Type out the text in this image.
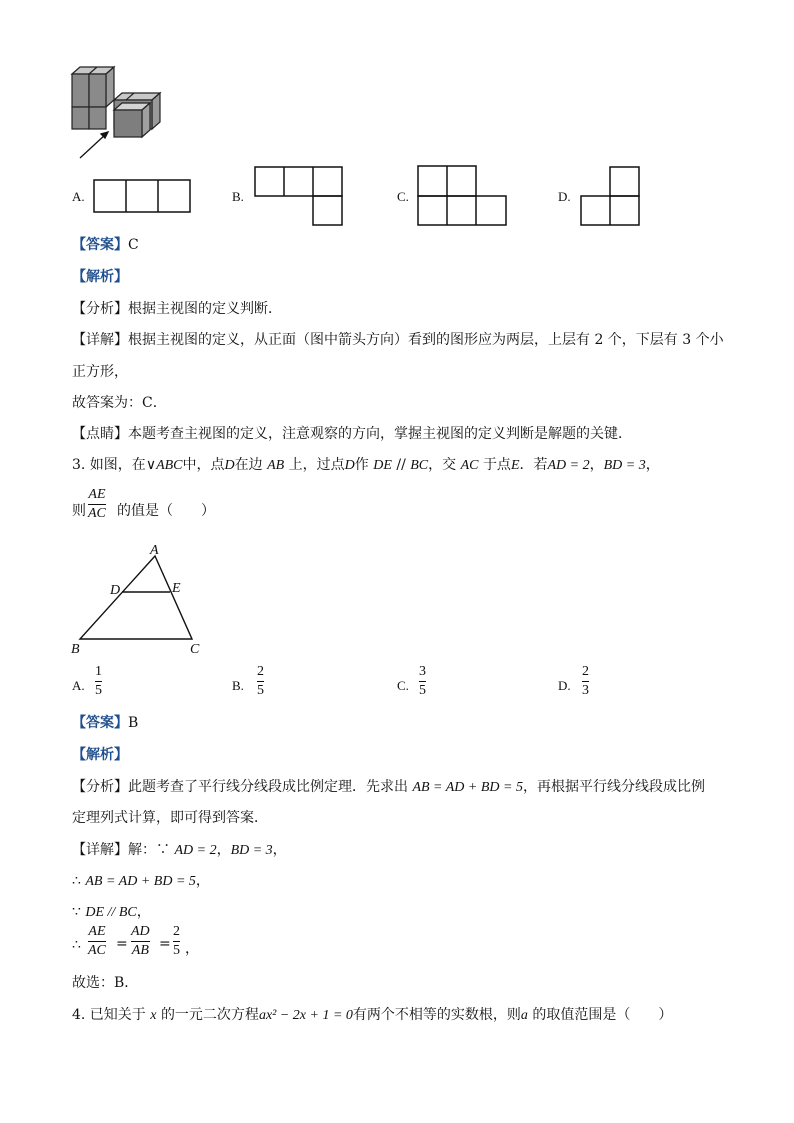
A.	B.	C.	D.
【答案】C
【解析】
【分析】根据主视图的定义判断．
【详解】根据主视图的定义，从正面（图中箭头方向）看到的图形应为两层，上层有 2 个，下层有 3 个小
正方形，
故答案为：C．
【点睛】本题考查主视图的定义，注意观察的方向，掌握主视图的定义判断是解题的关键．
3. 如图，在∨ABC中，点D在边 AB 上，过点D作 DE // BC，交 AC 于点E．若AD = 2，BD = 3，
则
AE
AC 的值是（　　）
A
D	E
B	C
A.
1
5	B.
2
5	C.
3
5	D.
2
3
【答案】B
【解析】
【分析】此题考查了平行线分线段成比例定理．先求出 AB = AD + BD = 5，再根据平行线分线段成比例
定理列式计算，即可得到答案．
【详解】解：∵ AD = 2，BD = 3，
∴ AB = AD + BD = 5，
∵ DE // BC，
∴
AE
AC =
AD
AB =
2
5 ，
故选：B．
4. 已知关于 x 的一元二次方程ax² − 2x + 1 = 0有两个不相等的实数根，则a 的取值范围是（　　）
